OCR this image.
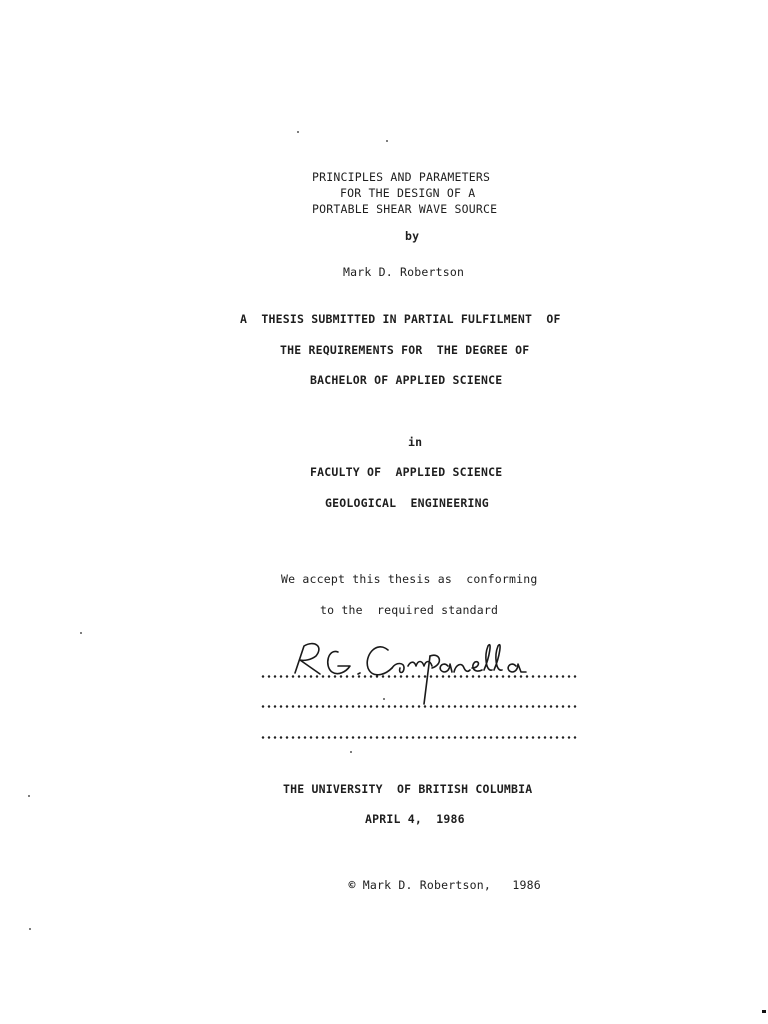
PRINCIPLES AND PARAMETERS

FOR THE DESIGN OF A

PORTABLE SHEAR WAVE SOURCE

by

Mark D. Robertson

A  THESIS SUBMITTED IN PARTIAL FULFILMENT  OF

THE REQUIREMENTS FOR  THE DEGREE OF

BACHELOR OF APPLIED SCIENCE

in

FACULTY OF  APPLIED SCIENCE

GEOLOGICAL  ENGINEERING

We accept this thesis as  conforming

to the  required standard

THE UNIVERSITY  OF BRITISH COLUMBIA

APRIL 4,  1986

© Mark D. Robertson,   1986
